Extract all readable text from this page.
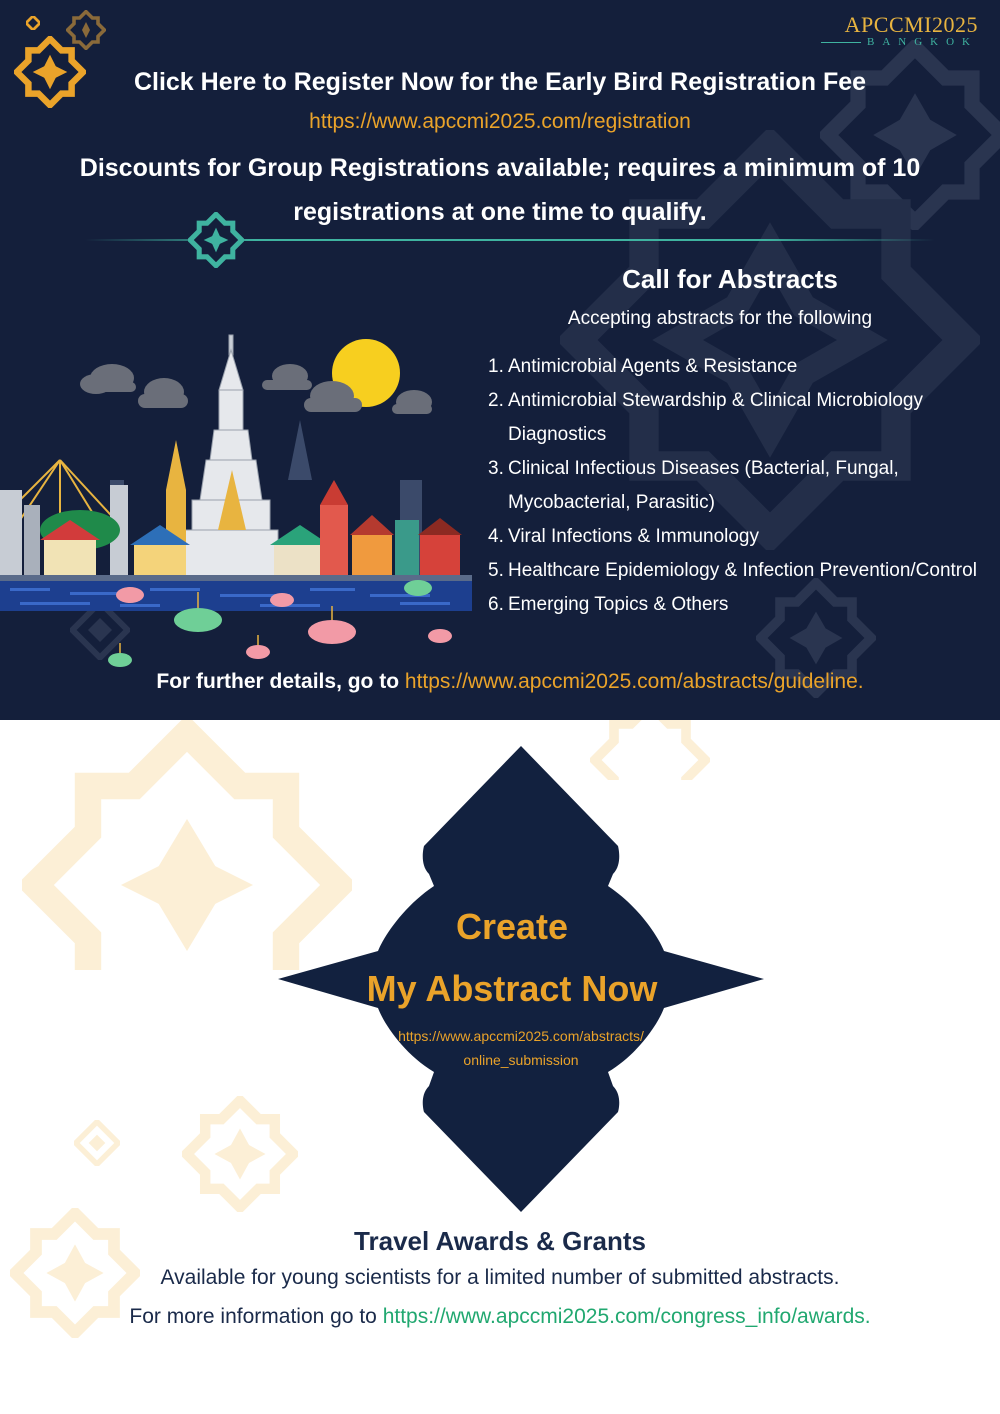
APCCMI2025
BANGKOK
Click Here to Register Now for the Early Bird Registration Fee
https://www.apccmi2025.com/registration
Discounts for Group Registrations available; requires a minimum of 10
registrations at one time to qualify.
Call for Abstracts
Accepting abstracts for the following
1. Antimicrobial Agents & Resistance
2. Antimicrobial Stewardship & Clinical Microbiology Diagnostics
3. Clinical Infectious Diseases (Bacterial, Fungal, Mycobacterial, Parasitic)
4. Viral Infections & Immunology
5. Healthcare Epidemiology & Infection Prevention/Control
6. Emerging Topics & Others
For further details, go to https://www.apccmi2025.com/abstracts/guideline.
Create
My Abstract Now
https://www.apccmi2025.com/abstracts/
online_submission
Travel Awards & Grants
Available for young scientists for a limited number of submitted abstracts.
For more information go to https://www.apccmi2025.com/congress_info/awards.
